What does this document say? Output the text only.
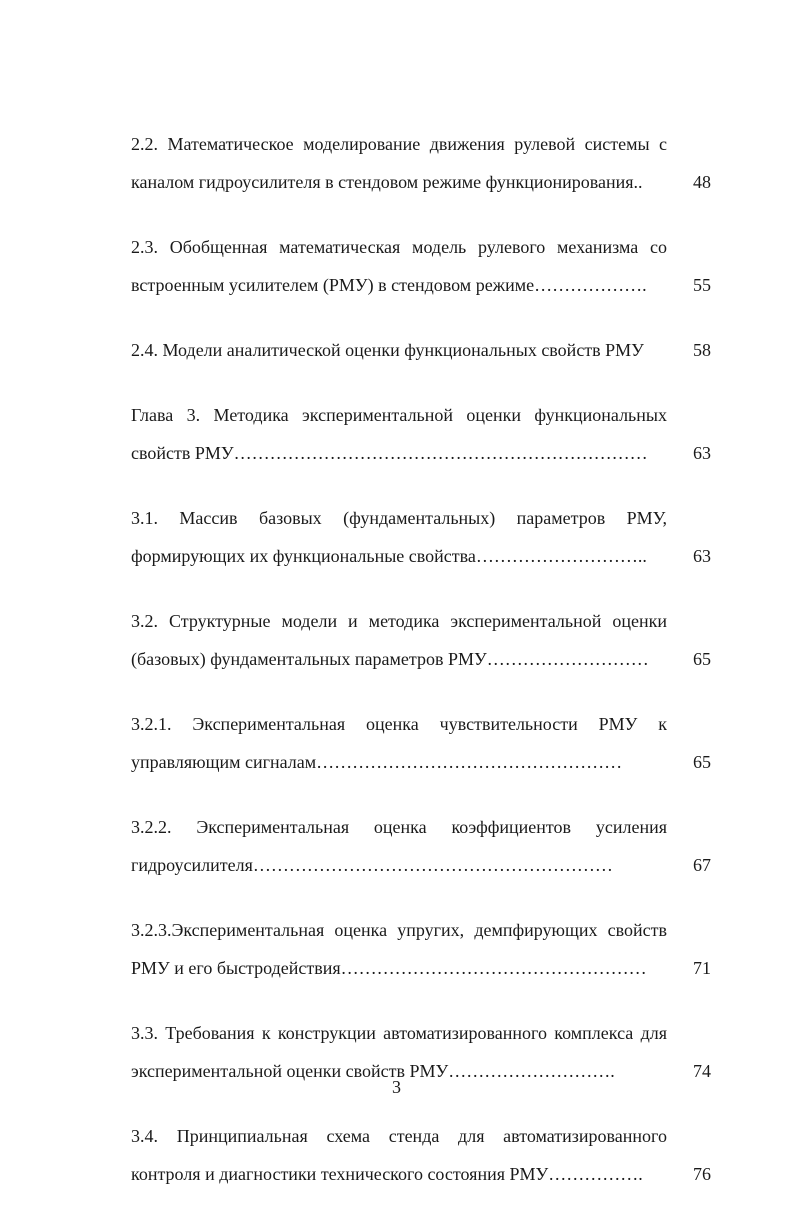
2.2. Математическое моделирование движения рулевой системы с каналом гидроусилителя в стендовом режиме функционирования..	48
2.3. Обобщенная математическая модель рулевого механизма со встроенным усилителем (РМУ) в стендовом режиме……………….	55
2.4. Модели аналитической оценки функциональных свойств РМУ	58
Глава 3. Методика экспериментальной оценки функциональных свойств РМУ……………………………………………………………	63
3.1. Массив базовых (фундаментальных) параметров РМУ, формирующих их функциональные свойства………………………..	63
3.2. Структурные модели и методика экспериментальной оценки (базовых) фундаментальных параметров РМУ………………………	65
3.2.1. Экспериментальная оценка чувствительности РМУ к управляющим сигналам……………………………………………	65
3.2.2. Экспериментальная оценка коэффициентов усиления гидроусилителя……………………………………………………	67
3.2.3.Экспериментальная оценка упругих, демпфирующих свойств РМУ и его быстродействия……………………………………………	71
3.3. Требования к конструкции автоматизированного комплекса для экспериментальной оценки свойств РМУ……………………….	74
3.4. Принципиальная схема стенда для автоматизированного контроля и диагностики технического состояния РМУ…………….	76
3
